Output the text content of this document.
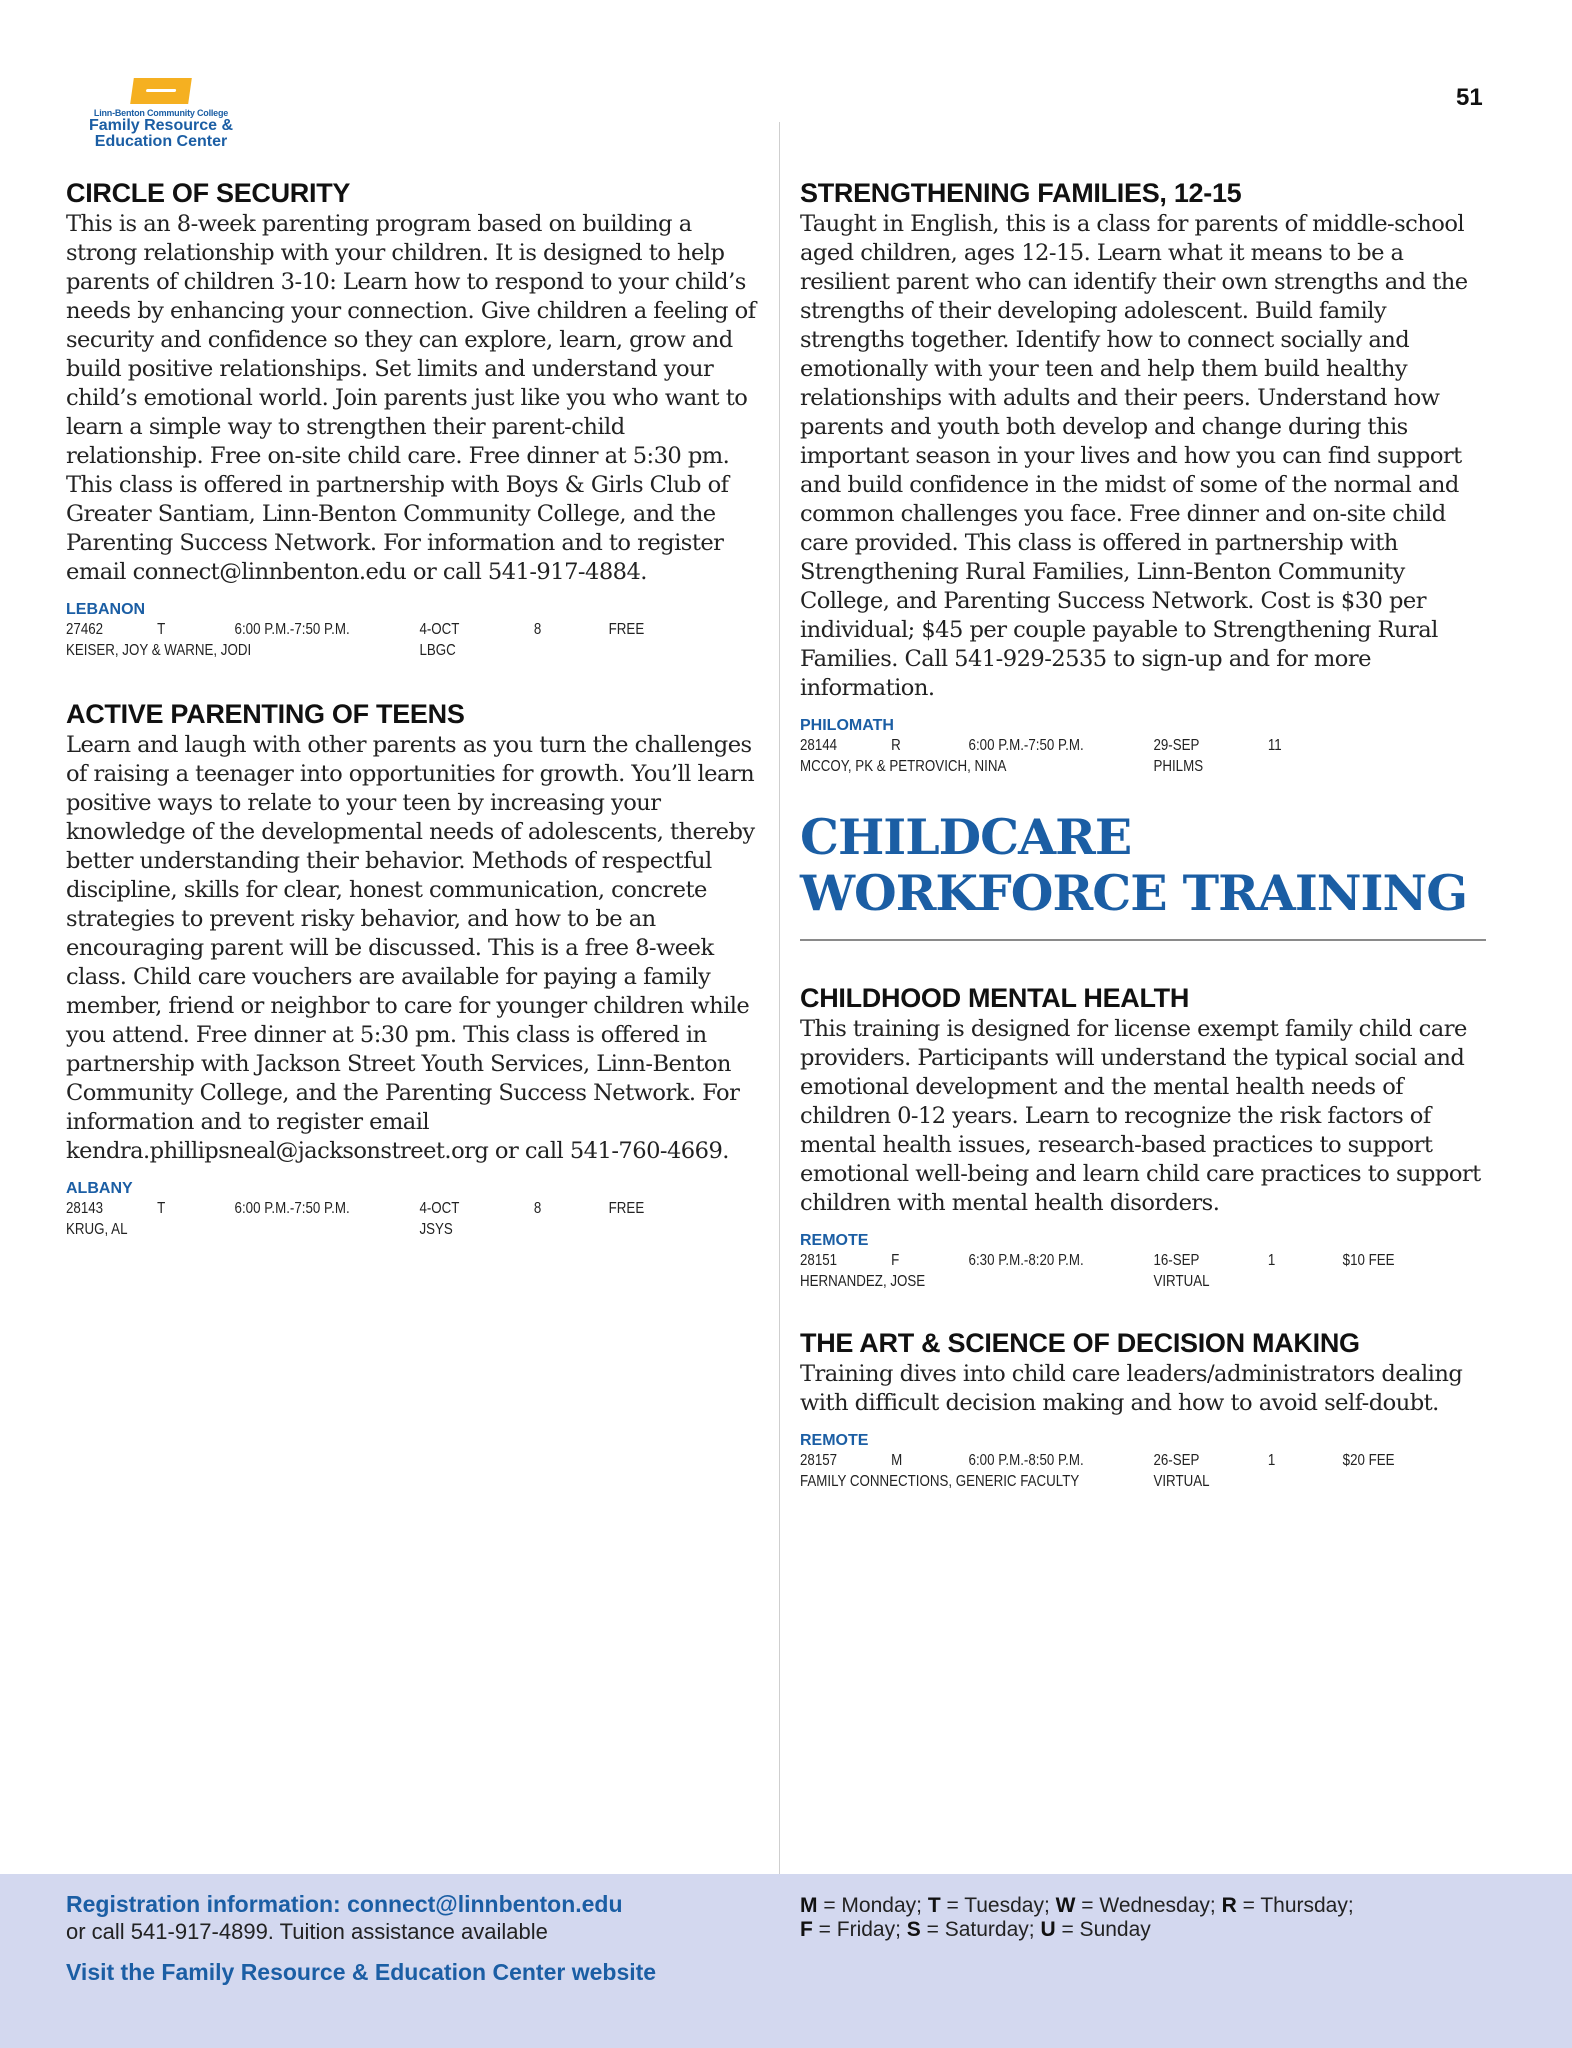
Linn-Benton Community College
Family Resource &
Education Center
51
CIRCLE OF SECURITY
This is an 8-week parenting program based on building a strong relationship with your children. It is designed to help parents of children 3-10: Learn how to respond to your child’s needs by enhancing your connection. Give children a feeling of security and confidence so they can explore, learn, grow and build positive relationships. Set limits and understand your child’s emotional world. Join parents just like you who want to learn a simple way to strengthen their parent-child relationship. Free on-site child care. Free dinner at 5:30 pm. This class is offered in partnership with Boys & Girls Club of Greater Santiam, Linn-Benton Community College, and the Parenting Success Network. For information and to register email connect@linnbenton.edu or call 541-917-4884.
LEBANON
27462	T	6:00 P.M.-7:50 P.M.	4-OCT	8	FREE
KEISER, JOY & WARNE, JODI	LBGC
ACTIVE PARENTING OF TEENS
Learn and laugh with other parents as you turn the challenges of raising a teenager into opportunities for growth. You’ll learn positive ways to relate to your teen by increasing your knowledge of the developmental needs of adolescents, thereby better understanding their behavior. Methods of respectful discipline, skills for clear, honest communication, concrete strategies to prevent risky behavior, and how to be an encouraging parent will be discussed. This is a free 8-week class. Child care vouchers are available for paying a family member, friend or neighbor to care for younger children while you attend. Free dinner at 5:30 pm. This class is offered in partnership with Jackson Street Youth Services, Linn-Benton Community College, and the Parenting Success Network. For information and to register email kendra.phillipsneal@jacksonstreet.org or call 541-760-4669.
ALBANY
28143	T	6:00 P.M.-7:50 P.M.	4-OCT	8	FREE
KRUG, AL	JSYS
STRENGTHENING FAMILIES, 12-15
Taught in English, this is a class for parents of middle-school aged children, ages 12-15. Learn what it means to be a resilient parent who can identify their own strengths and the strengths of their developing adolescent. Build family strengths together. Identify how to connect socially and emotionally with your teen and help them build healthy relationships with adults and their peers. Understand how parents and youth both develop and change during this important season in your lives and how you can find support and build confidence in the midst of some of the normal and common challenges you face. Free dinner and on-site child care provided. This class is offered in partnership with Strengthening Rural Families, Linn-Benton Community College, and Parenting Success Network. Cost is $30 per individual; $45 per couple payable to Strengthening Rural Families. Call 541-929-2535 to sign-up and for more information.
PHILOMATH
28144	R	6:00 P.M.-7:50 P.M.	29-SEP	11
MCCOY, PK & PETROVICH, NINA	PHILMS
CHILDCARE WORKFORCE TRAINING
CHILDHOOD MENTAL HEALTH
This training is designed for license exempt family child care providers. Participants will understand the typical social and emotional development and the mental health needs of children 0-12 years. Learn to recognize the risk factors of mental health issues, research-based practices to support emotional well-being and learn child care practices to support children with mental health disorders.
REMOTE
28151	F	6:30 P.M.-8:20 P.M.	16-SEP	1	$10 FEE
HERNANDEZ, JOSE	VIRTUAL
THE ART & SCIENCE OF DECISION MAKING
Training dives into child care leaders/administrators dealing with difficult decision making and how to avoid self-doubt.
REMOTE
28157	M	6:00 P.M.-8:50 P.M.	26-SEP	1	$20 FEE
FAMILY CONNECTIONS, GENERIC FACULTY	VIRTUAL
Registration information: connect@linnbenton.edu
or call 541-917-4899. Tuition assistance available
Visit the Family Resource & Education Center website
M = Monday; T = Tuesday; W = Wednesday; R = Thursday;
F = Friday; S = Saturday; U = Sunday
